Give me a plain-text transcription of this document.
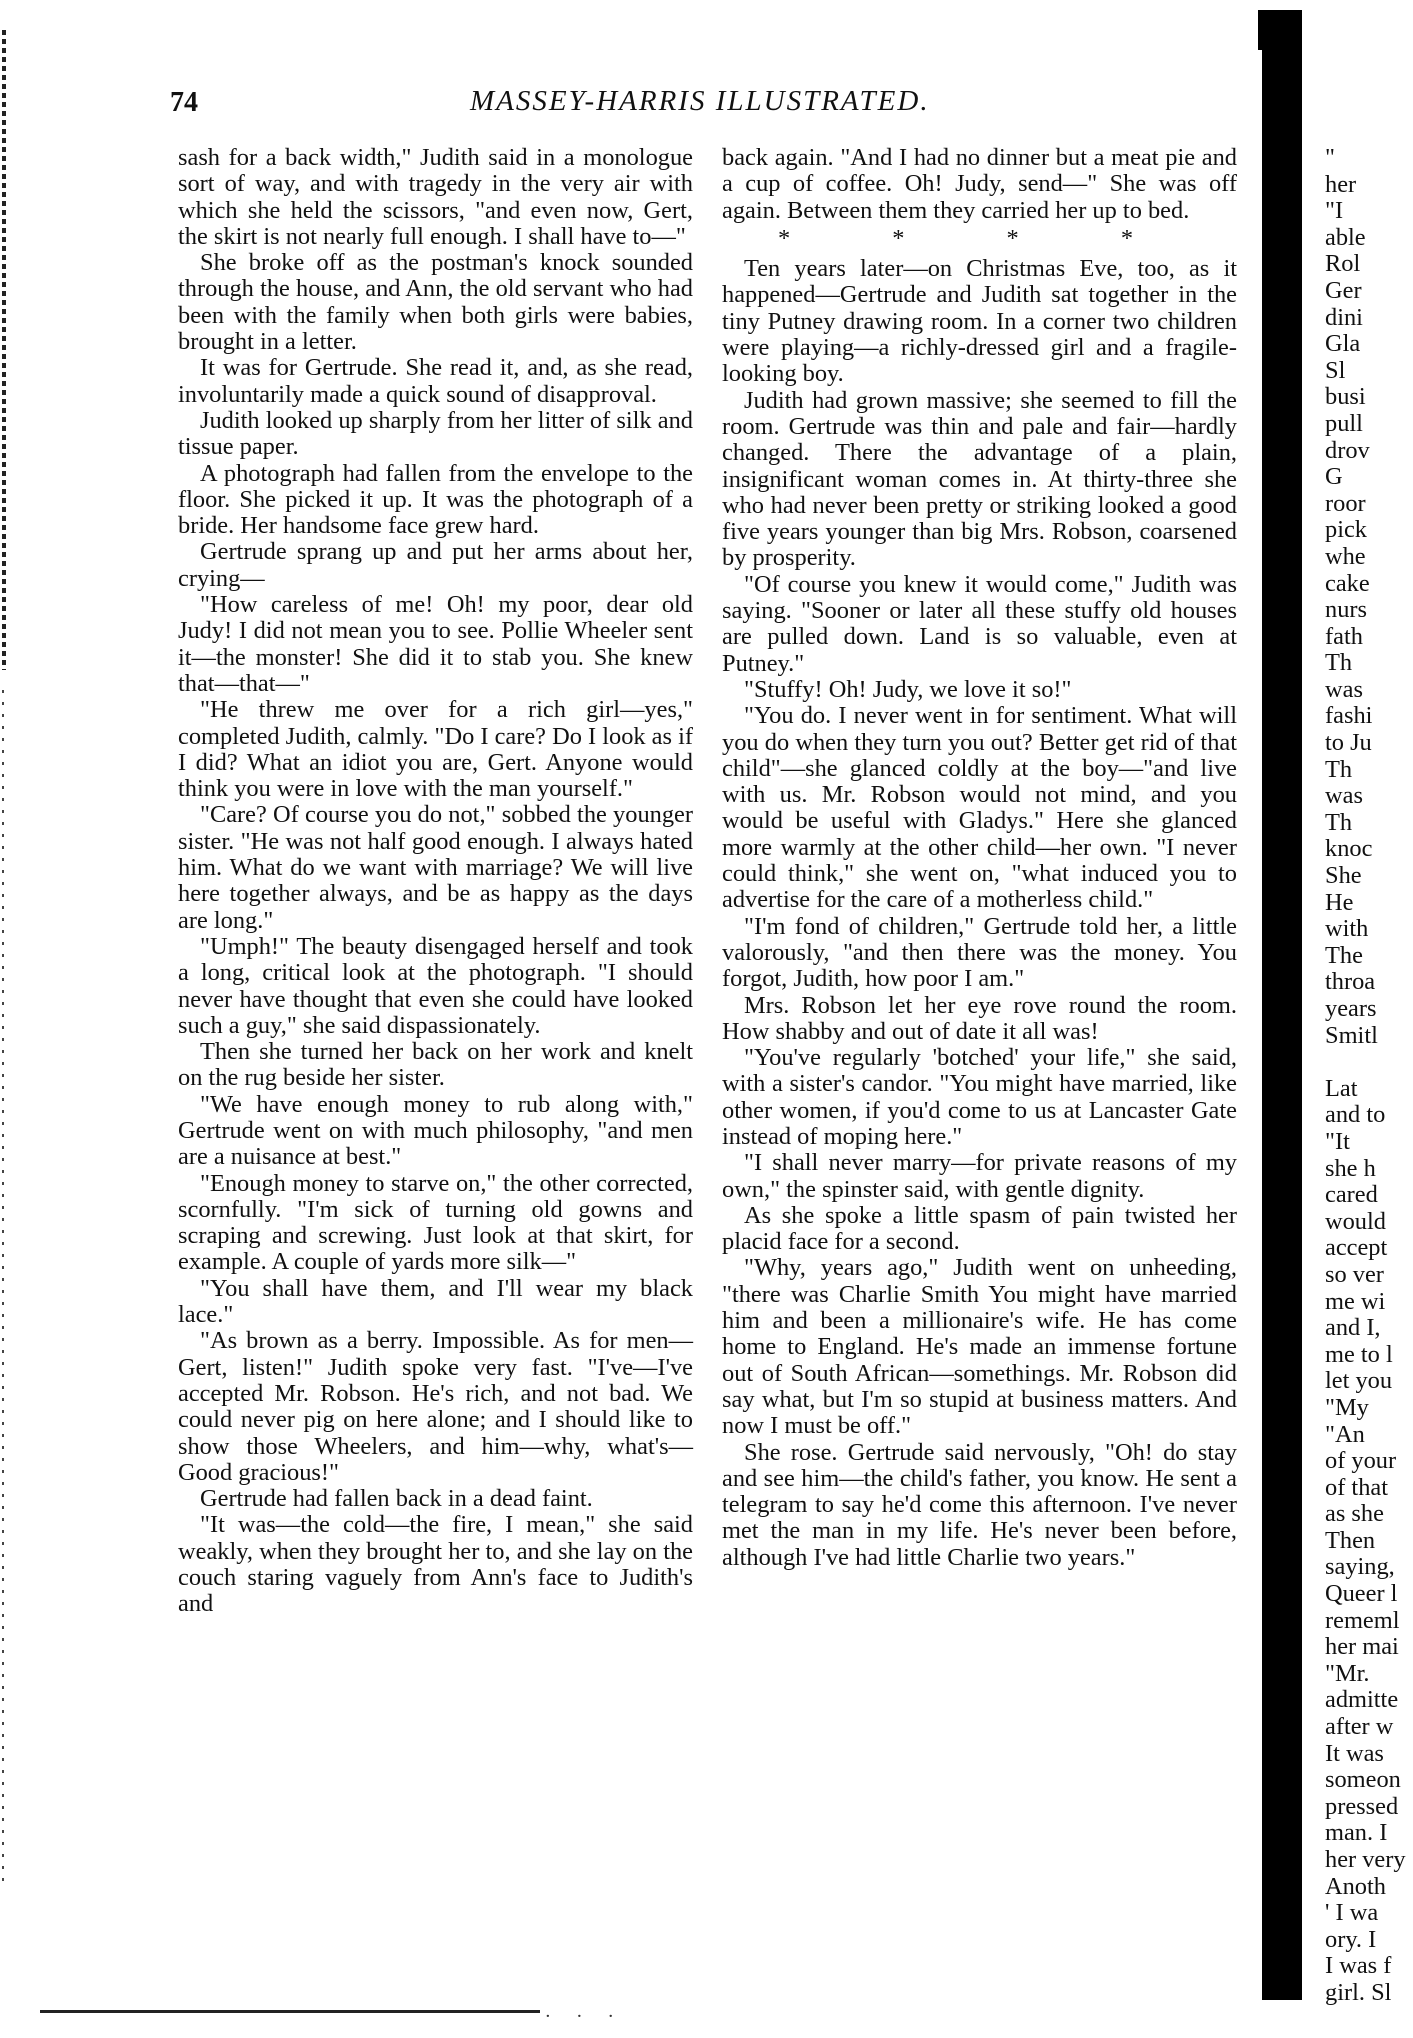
74	MASSEY-HARRIS ILLUSTRATED.

sash for a back width," Judith said in a monologue sort of way, and with tragedy in the very air with which she held the scissors, "and even now, Gert, the skirt is not nearly full enough. I shall have to—"

She broke off as the postman's knock sounded through the house, and Ann, the old servant who had been with the family when both girls were babies, brought in a letter.

It was for Gertrude. She read it, and, as she read, involuntarily made a quick sound of disapproval.

Judith looked up sharply from her litter of silk and tissue paper.

A photograph had fallen from the envelope to the floor. She picked it up. It was the photograph of a bride. Her handsome face grew hard.

Gertrude sprang up and put her arms about her, crying—

"How careless of me! Oh! my poor, dear old Judy! I did not mean you to see. Pollie Wheeler sent it—the monster! She did it to stab you. She knew that—that—"

"He threw me over for a rich girl—yes," completed Judith, calmly. "Do I care? Do I look as if I did? What an idiot you are, Gert. Anyone would think you were in love with the man yourself."

"Care? Of course you do not," sobbed the younger sister. "He was not half good enough. I always hated him. What do we want with marriage? We will live here together always, and be as happy as the days are long."

"Umph!" The beauty disengaged herself and took a long, critical look at the photograph. "I should never have thought that even she could have looked such a guy," she said dispassionately.

Then she turned her back on her work and knelt on the rug beside her sister.

"We have enough money to rub along with," Gertrude went on with much philosophy, "and men are a nuisance at best."

"Enough money to starve on," the other corrected, scornfully. "I'm sick of turning old gowns and scraping and screwing. Just look at that skirt, for example. A couple of yards more silk—"

"You shall have them, and I'll wear my black lace."

"As brown as a berry. Impossible. As for men—Gert, listen!" Judith spoke very fast. "I've—I've accepted Mr. Robson. He's rich, and not bad. We could never pig on here alone; and I should like to show those Wheelers, and him—why, what's—Good gracious!"

Gertrude had fallen back in a dead faint.

"It was—the cold—the fire, I mean," she said weakly, when they brought her to, and she lay on the couch staring vaguely from Ann's face to Judith's and

back again. "And I had no dinner but a meat pie and a cup of coffee. Oh! Judy, send—" She was off again. Between them they carried her up to bed.

* * * *

Ten years later—on Christmas Eve, too, as it happened—Gertrude and Judith sat together in the tiny Putney drawing room. In a corner two children were playing—a richly-dressed girl and a fragile-looking boy.

Judith had grown massive; she seemed to fill the room. Gertrude was thin and pale and fair—hardly changed. There the advantage of a plain, insignificant woman comes in. At thirty-three she who had never been pretty or striking looked a good five years younger than big Mrs. Robson, coarsened by prosperity.

"Of course you knew it would come," Judith was saying. "Sooner or later all these stuffy old houses are pulled down. Land is so valuable, even at Putney."

"Stuffy! Oh! Judy, we love it so!"

"You do. I never went in for sentiment. What will you do when they turn you out? Better get rid of that child"—she glanced coldly at the boy—"and live with us. Mr. Robson would not mind, and you would be useful with Gladys." Here she glanced more warmly at the other child—her own. "I never could think," she went on, "what induced you to advertise for the care of a motherless child."

"I'm fond of children," Gertrude told her, a little valorously, "and then there was the money. You forgot, Judith, how poor I am."

Mrs. Robson let her eye rove round the room. How shabby and out of date it all was!

"You've regularly 'botched' your life," she said, with a sister's candor. "You might have married, like other women, if you'd come to us at Lancaster Gate instead of moping here."

"I shall never marry—for private reasons of my own," the spinster said, with gentle dignity.

As she spoke a little spasm of pain twisted her placid face for a second.

"Why, years ago," Judith went on unheeding, "there was Charlie Smith You might have married him and been a millionaire's wife. He has come home to England. He's made an immense fortune out of South African—somethings. Mr. Robson did say what, but I'm so stupid at business matters. And now I must be off."

She rose. Gertrude said nervously, "Oh! do stay and see him—the child's father, you know. He sent a telegram to say he'd come this afternoon. I've never met the man in my life. He's never been before, although I've had little Charlie two years."

"
her
"I
able
Rol
Ger
dini
Gla
Sl
busi
pull
drov
G
roor
pick
whe
cake
nurs
fath
Th
was
fashi
to Ju
Th
was
Th
knoc
She
He
with
The
throa
years
Smitl
Lat
and to
"It
she h
cared
would
accept
so ver
me wi
and I,
me to l
let you
"My
"An
of your
of that
as she
Then
saying,
Queer l
rememl
her mai
"Mr.
admitte
after w
It was
someon
pressed
man. I
her very
Anoth
' I wa
ory. I
I was f
girl. Sl
· · ·
